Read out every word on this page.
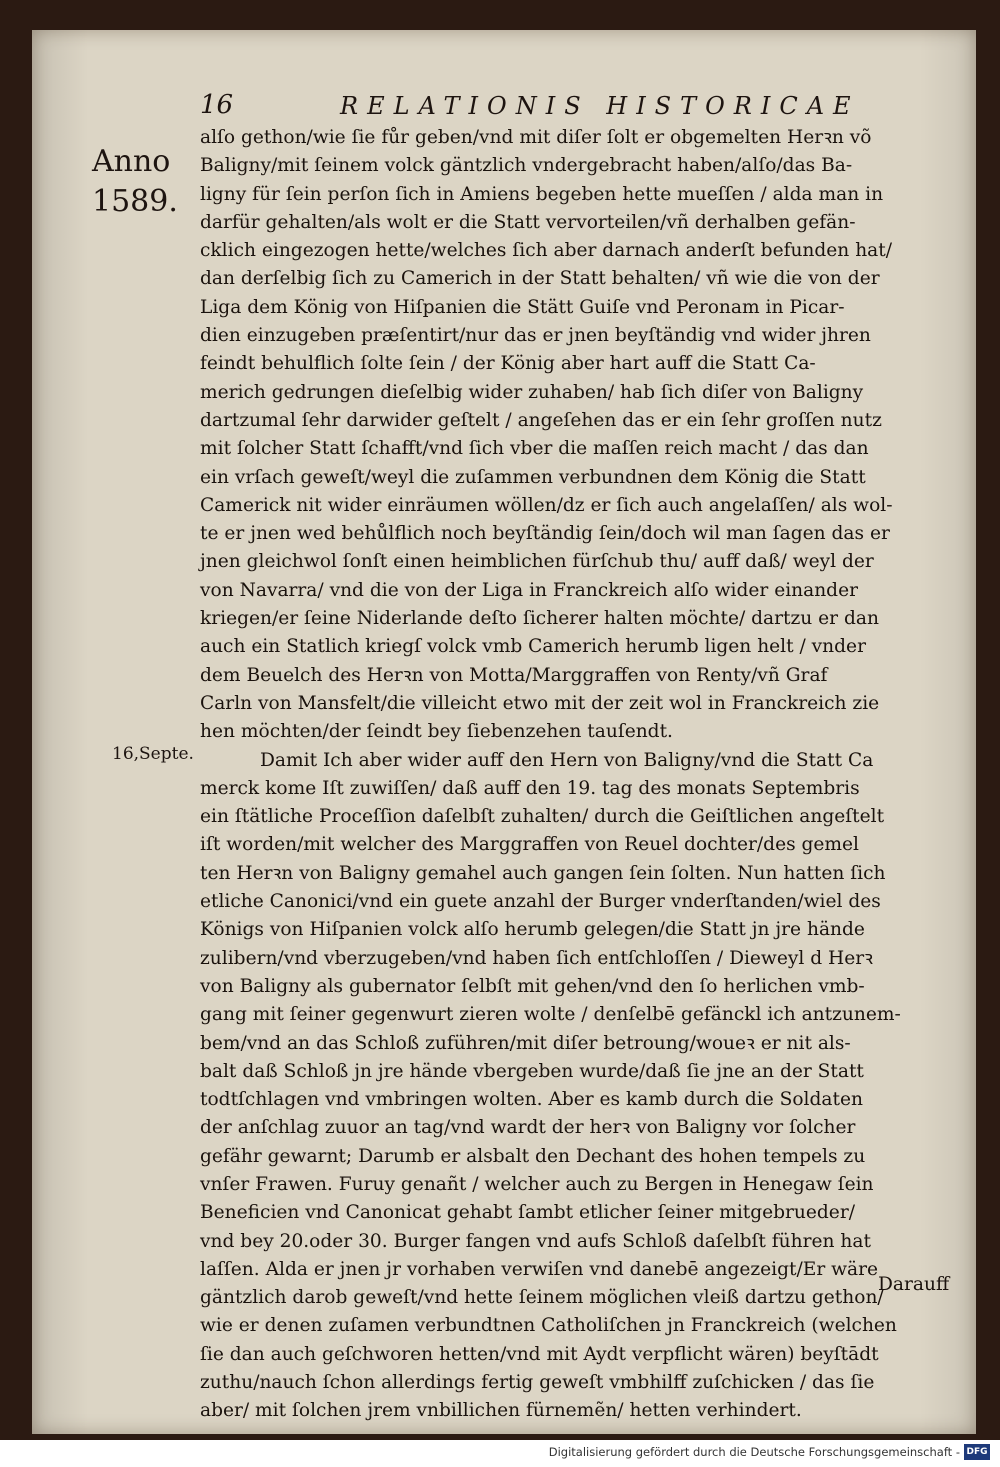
16	RELATIONIS HISTORICAE
Anno
1589.
16,Septe.
alſo gethon/wie ſie fůr geben/vnd mit diſer ſolt er obgemelten Herꝛn võ
Baligny/mit ſeinem volck gäntzlich vndergebracht haben/alſo/das Ba-
ligny für ſein perſon ſich in Amiens begeben hette mueſſen / alda man in
darfür gehalten/als wolt er die Statt vervorteilen/vñ derhalben gefän-
cklich eingezogen hette/welches ſich aber darnach anderſt befunden hat/
dan derſelbig ſich zu Camerich in der Statt behalten/ vñ wie die von der
Liga dem König von Hiſpanien die Stätt Guiſe vnd Peronam in Picar-
dien einzugeben præſentirt/nur das er jnen beyſtändig vnd wider jhren
feindt behulflich ſolte ſein / der König aber hart auff die Statt Ca-
merich gedrungen dieſelbig wider zuhaben/ hab ſich diſer von Baligny
dartzumal ſehr darwider geſtelt / angeſehen das er ein ſehr groſſen nutz
mit ſolcher Statt ſchafft/vnd ſich vber die maſſen reich macht / das dan
ein vrſach geweſt/weyl die zuſammen verbundnen dem König die Statt
Camerick nit wider einräumen wöllen/dz er ſich auch angelaſſen/ als wol-
te er jnen wed behůlflich noch beyſtändig ſein/doch wil man ſagen das er
jnen gleichwol ſonſt einen heimblichen fürſchub thu/ auff daß/ weyl der
von Navarra/ vnd die von der Liga in Franckreich alſo wider einander
kriegen/er ſeine Niderlande deſto ſicherer halten möchte/ dartzu er dan
auch ein Statlich kriegſ volck vmb Camerich herumb ligen helt / vnder
dem Beuelch des Herꝛn von Motta/Marggraffen von Renty/vñ Graf
Carln von Mansfelt/die villeicht etwo mit der zeit wol in Franckreich zie
hen möchten/der ſeindt bey ſiebenzehen tauſendt.
Damit Ich aber wider auff den Hern von Baligny/vnd die Statt Ca
merck kome Iſt zuwiſſen/ daß auff den 19. tag des monats Septembris
ein ſtätliche Proceſſion daſelbſt zuhalten/ durch die Geiſtlichen angeſtelt
iſt worden/mit welcher des Marggraffen von Reuel dochter/des gemel
ten Herꝛn von Baligny gemahel auch gangen ſein ſolten. Nun hatten ſich
etliche Canonici/vnd ein guete anzahl der Burger vnderſtanden/wiel des
Königs von Hiſpanien volck alſo herumb gelegen/die Statt jn jre hände
zulibern/vnd vberzugeben/vnd haben ſich entſchloſſen / Dieweyl d Herꝛ
von Baligny als gubernator ſelbſt mit gehen/vnd den ſo herlichen vmb-
gang mit ſeiner gegenwurt zieren wolte / denſelbē gefänckl ich antzunem-
bem/vnd an das Schloß zuführen/mit diſer betroung/woueꝛ er nit als-
balt daß Schloß jn jre hände vbergeben wurde/daß ſie jne an der Statt
todtſchlagen vnd vmbringen wolten. Aber es kamb durch die Soldaten
der anſchlag zuuor an tag/vnd wardt der herꝛ von Baligny vor ſolcher
gefähr gewarnt; Darumb er alsbalt den Dechant des hohen tempels zu
vnſer Frawen. Furuy genañt / welcher auch zu Bergen in Henegaw ſein
Beneficien vnd Canonicat gehabt ſambt etlicher ſeiner mitgebrueder/
vnd bey 20.oder 30. Burger fangen vnd aufs Schloß daſelbſt führen hat
laſſen. Alda er jnen jr vorhaben verwiſen vnd danebē angezeigt/Er wäre
gäntzlich darob geweſt/vnd hette ſeinem möglichen vleiß dartzu gethon/
wie er denen zuſamen verbundtnen Catholiſchen jn Franckreich (welchen
ſie dan auch geſchworen hetten/vnd mit Aydt verpflicht wären) beyſtādt
zuthu/nauch ſchon allerdings fertig geweſt vmbhilff zuſchicken / das ſie
aber/ mit ſolchen jrem vnbillichen fürnemẽn/ hetten verhindert.
Darauff
Digitalisierung gefördert durch die Deutsche Forschungsgemeinschaft - DFG
